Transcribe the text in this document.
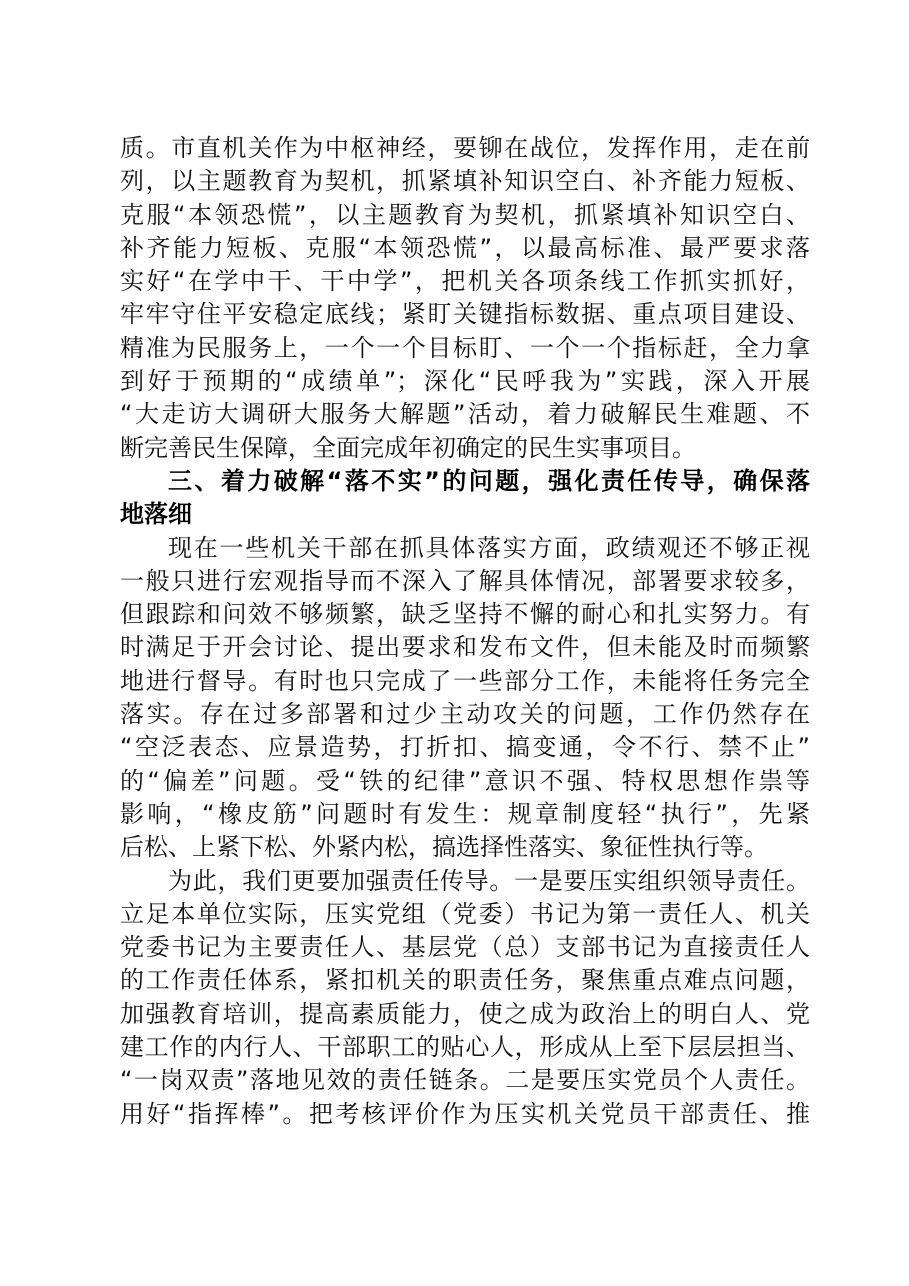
质。市直机关作为中枢神经，要铆在战位，发挥作用，走在前
列，以主题教育为契机，抓紧填补知识空白、补齐能力短板、
克服“本领恐慌”，以主题教育为契机，抓紧填补知识空白、
补齐能力短板、克服“本领恐慌”，以最高标准、最严要求落
实好“在学中干、干中学”，把机关各项条线工作抓实抓好，
牢牢守住平安稳定底线；紧盯关键指标数据、重点项目建设、
精准为民服务上，一个一个目标盯、一个一个指标赶，全力拿
到好于预期的“成绩单”；深化“民呼我为”实践，深入开展
“大走访大调研大服务大解题”活动，着力破解民生难题、不
断完善民生保障，全面完成年初确定的民生实事项目。
三、着力破解“落不实”的问题，强化责任传导，确保落
地落细
现在一些机关干部在抓具体落实方面，政绩观还不够正视
一般只进行宏观指导而不深入了解具体情况，部署要求较多，
但跟踪和问效不够频繁，缺乏坚持不懈的耐心和扎实努力。有
时满足于开会讨论、提出要求和发布文件，但未能及时而频繁
地进行督导。有时也只完成了一些部分工作，未能将任务完全
落实。存在过多部署和过少主动攻关的问题，工作仍然存在
“空泛表态、应景造势，打折扣、搞变通，令不行、禁不止”
的“偏差”问题。受“铁的纪律”意识不强、特权思想作祟等
影响，“橡皮筋”问题时有发生：规章制度轻“执行”，先紧
后松、上紧下松、外紧内松，搞选择性落实、象征性执行等。
为此，我们更要加强责任传导。一是要压实组织领导责任。
立足本单位实际，压实党组（党委）书记为第一责任人、机关
党委书记为主要责任人、基层党（总）支部书记为直接责任人
的工作责任体系，紧扣机关的职责任务，聚焦重点难点问题，
加强教育培训，提高素质能力，使之成为政治上的明白人、党
建工作的内行人、干部职工的贴心人，形成从上至下层层担当、
“一岗双责”落地见效的责任链条。二是要压实党员个人责任。
用好“指挥棒”。把考核评价作为压实机关党员干部责任、推
